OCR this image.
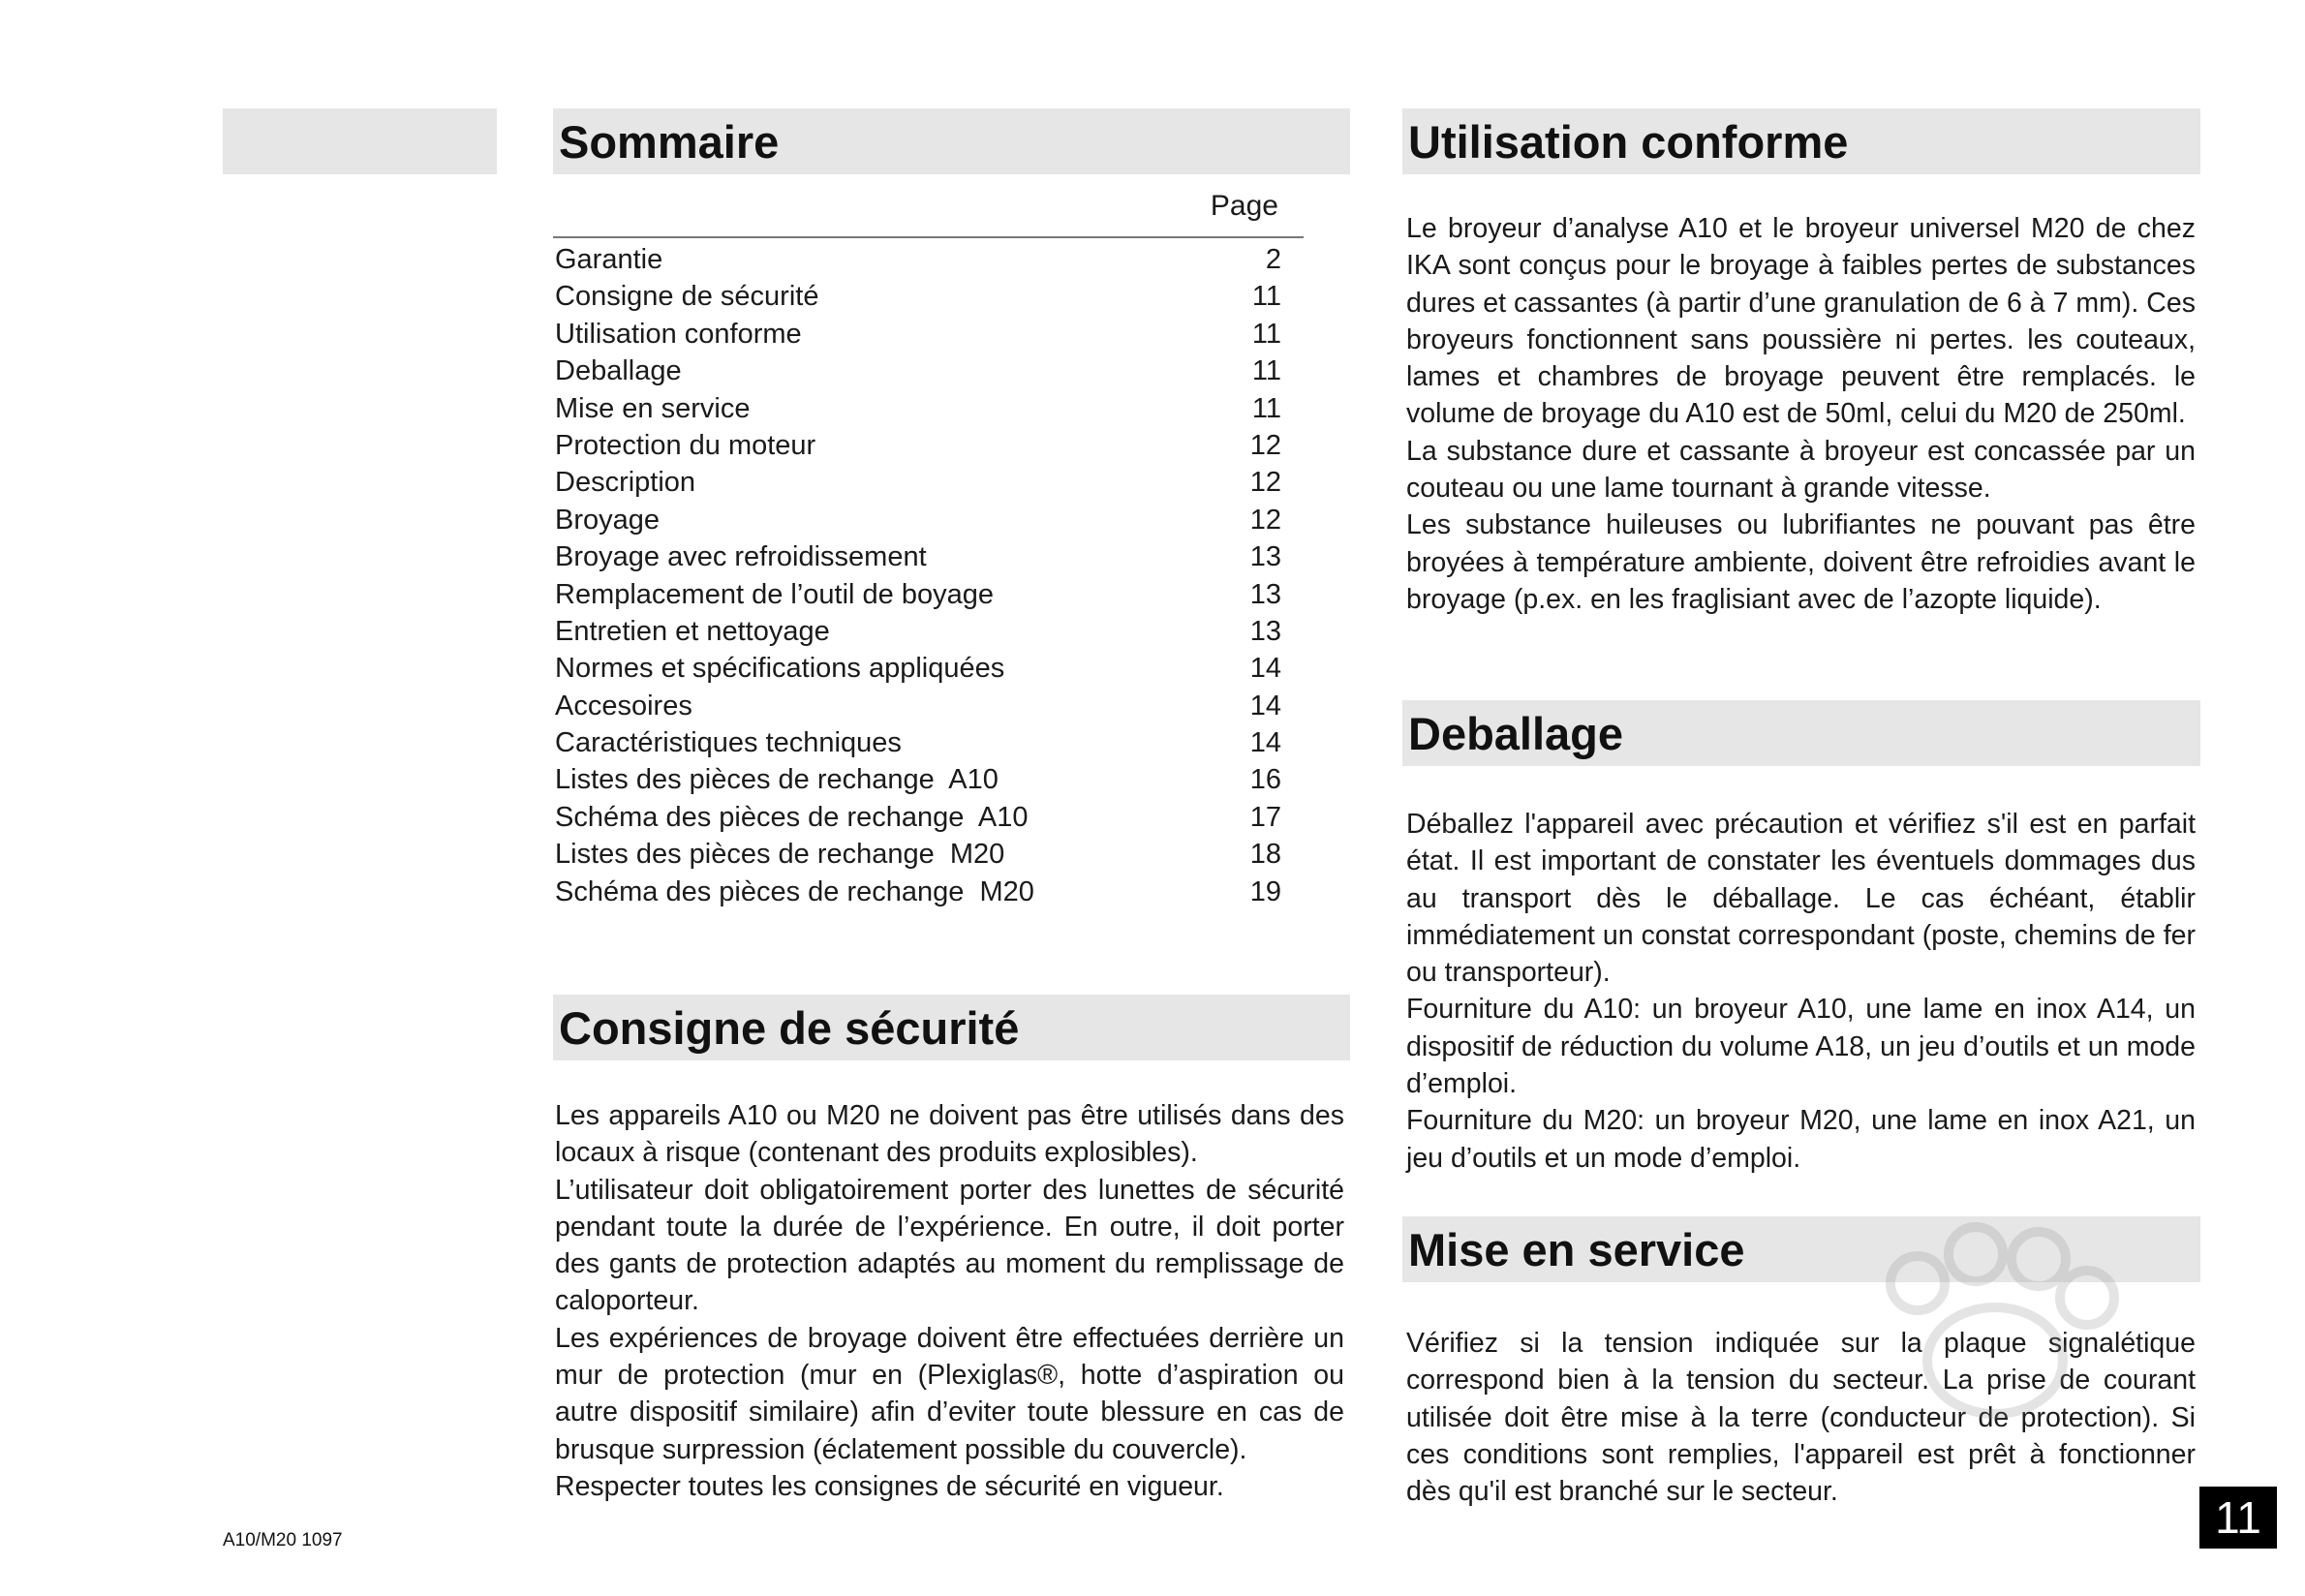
Sommaire
Page
Garantie	2
Consigne de sécurité	11
Utilisation conforme	11
Deballage	11
Mise en service	11
Protection du moteur	12
Description	12
Broyage	12
Broyage avec refroidissement	13
Remplacement de l’outil de boyage	13
Entretien et nettoyage	13
Normes et spécifications appliquées	14
Accesoires	14
Caractéristiques techniques	14
Listes des pièces de rechange  A10	16
Schéma des pièces de rechange  A10	17
Listes des pièces de rechange  M20	18
Schéma des pièces de rechange  M20	19
Consigne de sécurité

Les appareils A10 ou M20 ne doivent pas être utilisés dans des locaux à risque (contenant des produits explosibles).

L’utilisateur doit obligatoirement porter des lunettes de sécurité pendant toute la durée de l’expérience. En outre, il doit porter des gants de protection adaptés au moment du remplissage de caloporteur.

Les expériences de broyage doivent être effectuées derrière un mur de protection (mur en (Plexiglas®, hotte d’aspiration ou autre dispositif similaire) afin d’eviter toute blessure en cas de brusque surpression (éclatement possible du couvercle).

Respecter toutes les consignes de sécurité en vigueur.

Utilisation conforme

Le broyeur d’analyse A10 et le broyeur universel M20 de chez IKA sont conçus pour le broyage à faibles pertes de substances dures et cassantes (à partir d’une granulation de 6 à 7 mm). Ces broyeurs fonctionnent sans poussière ni pertes. les couteaux, lames et chambres de broyage peuvent être remplacés. le volume de broyage du A10 est de 50ml, celui du M20 de 250ml.

La substance dure et cassante à broyeur est concassée par un couteau ou une lame tournant à grande vitesse.

Les substance huileuses ou lubrifiantes ne pouvant pas être broyées à température ambiente, doivent être refroidies avant le broyage (p.ex. en les fraglisiant avec de l’azopte liquide).

Deballage

Déballez l'appareil avec précaution et vérifiez s'il est en parfait état. Il est important de constater les éventuels dommages dus au transport dès le déballage. Le cas échéant, établir immédiatement un constat correspondant (poste, chemins de fer ou transporteur).

Fourniture du A10: un broyeur A10, une lame en inox A14, un dispositif de réduction du volume A18, un jeu d’outils et un mode d’emploi.

Fourniture du M20: un broyeur M20, une lame en inox A21, un jeu d’outils et un mode d’emploi.

Mise en service

Vérifiez si la tension indiquée sur la plaque signalétique correspond bien à la tension du secteur. La prise de courant utilisée doit être mise à la terre (conducteur de protection). Si ces conditions sont remplies, l'appareil est prêt à fonctionner dès qu'il est branché sur le secteur.

A10/M20 1097	11
